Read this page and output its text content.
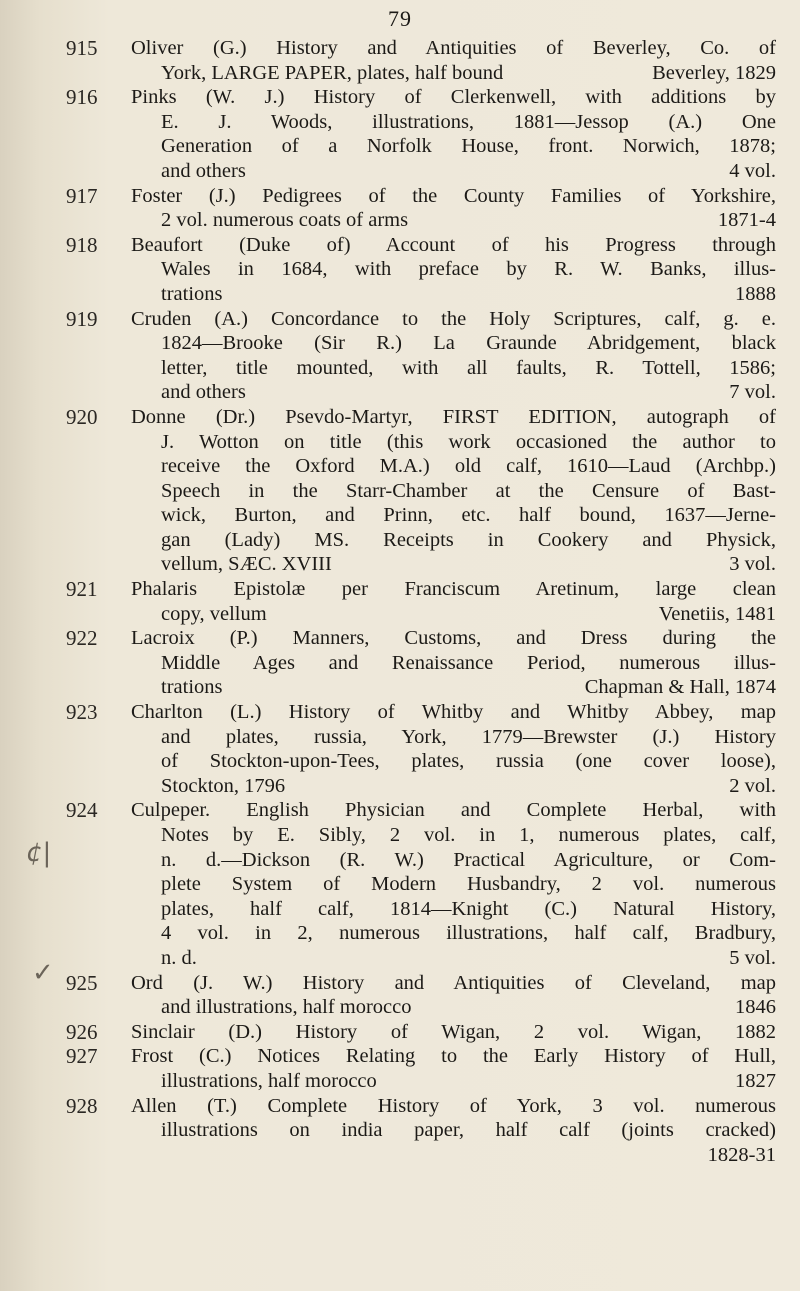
79
¢|
✓
915 Oliver (G.) History and Antiquities of Beverley, Co. of
York, LARGE PAPER, plates, half bound	Beverley, 1829
916 Pinks (W. J.) History of Clerkenwell, with additions by
E. J. Woods, illustrations, 1881—Jessop (A.) One
Generation of a Norfolk House, front. Norwich, 1878;
and others	4 vol.
917 Foster (J.) Pedigrees of the County Families of Yorkshire,
2 vol. numerous coats of arms	1871-4
918 Beaufort (Duke of) Account of his Progress through
Wales in 1684, with preface by R. W. Banks, illus-
trations	1888
919 Cruden (A.) Concordance to the Holy Scriptures, calf, g. e.
1824—Brooke (Sir R.) La Graunde Abridgement, black
letter, title mounted, with all faults, R. Tottell, 1586;
and others	7 vol.
920 Donne (Dr.) Psevdo-Martyr, FIRST EDITION, autograph of
J. Wotton on title (this work occasioned the author to
receive the Oxford M.A.) old calf, 1610—Laud (Archbp.)
Speech in the Starr-Chamber at the Censure of Bast-
wick, Burton, and Prinn, etc. half bound, 1637—Jerne-
gan (Lady) MS. Receipts in Cookery and Physick,
vellum, SÆC. XVIII	3 vol.
921 Phalaris Epistolæ per Franciscum Aretinum, large clean
copy, vellum	Venetiis, 1481
922 Lacroix (P.) Manners, Customs, and Dress during the
Middle Ages and Renaissance Period, numerous illus-
trations	Chapman & Hall, 1874
923 Charlton (L.) History of Whitby and Whitby Abbey, map
and plates, russia, York, 1779—Brewster (J.) History
of Stockton-upon-Tees, plates, russia (one cover loose),
Stockton, 1796	2 vol.
924 Culpeper. English Physician and Complete Herbal, with
Notes by E. Sibly, 2 vol. in 1, numerous plates, calf,
n. d.—Dickson (R. W.) Practical Agriculture, or Com-
plete System of Modern Husbandry, 2 vol. numerous
plates, half calf, 1814—Knight (C.) Natural History,
4 vol. in 2, numerous illustrations, half calf, Bradbury,
n. d.	5 vol.
925 Ord (J. W.) History and Antiquities of Cleveland, map
and illustrations, half morocco	1846
926 Sinclair (D.) History of Wigan, 2 vol. Wigan, 1882
927 Frost (C.) Notices Relating to the Early History of Hull,
illustrations, half morocco	1827
928 Allen (T.) Complete History of York, 3 vol. numerous
illustrations on india paper, half calf (joints cracked)
1828-31
